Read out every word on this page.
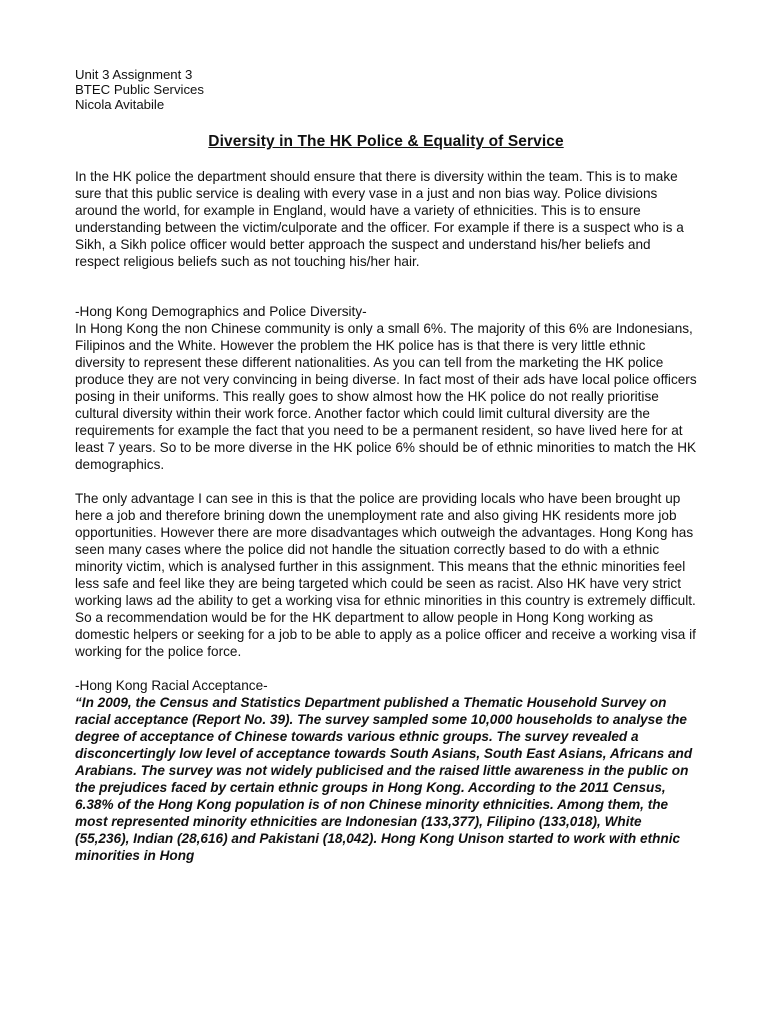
Unit 3 Assignment 3

BTEC Public Services

Nicola Avitabile

Diversity in The HK Police & Equality of Service

In the HK police the department should ensure that there is diversity within the team. This is to make sure that this public service is dealing with every vase in a just and non bias way. Police divisions around the world, for example in England, would have a variety of ethnicities. This is to ensure understanding between the victim/culporate and the officer. For example if there is a suspect who is a Sikh, a Sikh police officer would better approach the suspect and understand his/her beliefs and respect religious beliefs such as not touching his/her hair.

-Hong Kong Demographics and Police Diversity-

In Hong Kong the non Chinese community is only a small 6%. The majority of this 6% are Indonesians, Filipinos and the White. However the problem the HK police has is that there is very little ethnic diversity to represent these different nationalities. As you can tell from the marketing the HK police produce they are not very convincing in being diverse. In fact most of their ads have local police officers posing in their uniforms. This really goes to show almost how the HK police do not really prioritise cultural diversity within their work force. Another factor which could limit cultural diversity are the requirements for example the fact that you need to be a permanent resident, so have lived here for at least 7 years. So to be more diverse in the HK police 6% should be of ethnic minorities to match the HK demographics.

The only advantage I can see in this is that the police are providing locals who have been brought up here a job and therefore brining down the unemployment rate and also giving HK residents more job opportunities. However there are more disadvantages which outweigh the advantages. Hong Kong has seen many cases where the police did not handle the situation correctly based to do with a ethnic minority victim, which is analysed further in this assignment. This means that the ethnic minorities feel less safe and feel like they are being targeted which could be seen as racist. Also HK have very strict working laws ad the ability to get a working visa for ethnic minorities in this country is extremely difficult. So a recommendation would be for the HK department to allow people in Hong Kong working as domestic helpers or seeking for a job to be able to apply as a police officer and receive a working visa if working for the police force.

-Hong Kong Racial Acceptance-

“In 2009, the Census and Statistics Department published a Thematic Household Survey on racial acceptance (Report No. 39). The survey sampled some 10,000 households to analyse the degree of acceptance of Chinese towards various ethnic groups. The survey revealed a disconcertingly low level of acceptance towards South Asians, South East Asians, Africans and Arabians. The survey was not widely publicised and the raised little awareness in the public on the prejudices faced by certain ethnic groups in Hong Kong. According to the 2011 Census, 6.38% of the Hong Kong population is of non Chinese minority ethnicities. Among them, the most represented minority ethnicities are Indonesian (133,377), Filipino (133,018), White (55,236), Indian (28,616) and Pakistani (18,042). Hong Kong Unison started to work with ethnic minorities in Hong
